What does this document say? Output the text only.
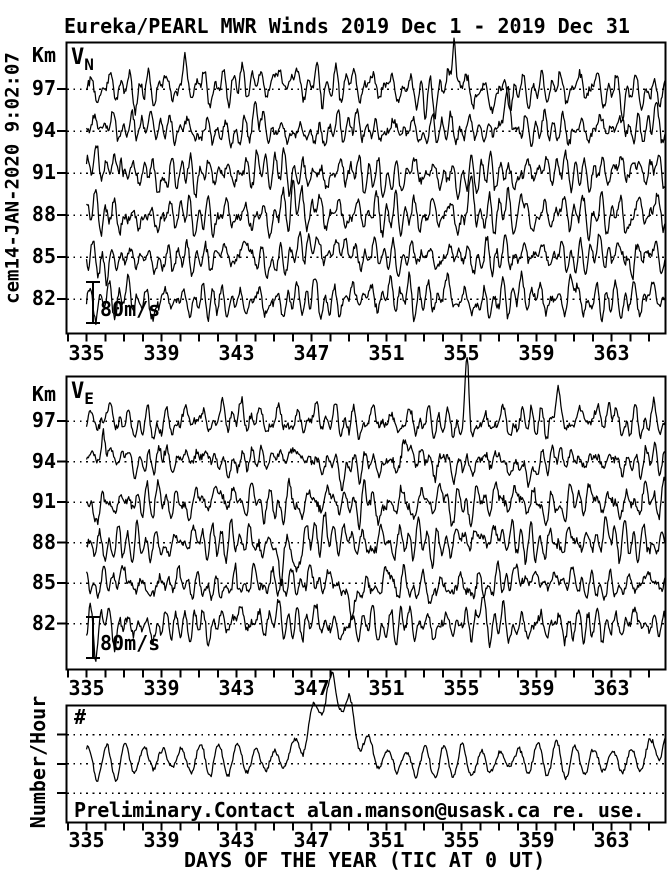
Eureka/PEARL MWR Winds 2019 Dec 1 - 2019 Dec 31
cem14-JAN-2020 9:02:07
Number/Hour
$V_N$
$V_E$
#
80m/s
80m/s
Preliminary.Contact alan.manson@usask.ca re. use.
DAYS OF THE YEAR (TIC AT 0 UT)
335	339	343	347	351	355	359	363
335	339	343	347	351	355	359	363
335	339	343	347	351	355	359	363
Km
97
94
91
88
85
82
Km
97
94
91
88
85
82
